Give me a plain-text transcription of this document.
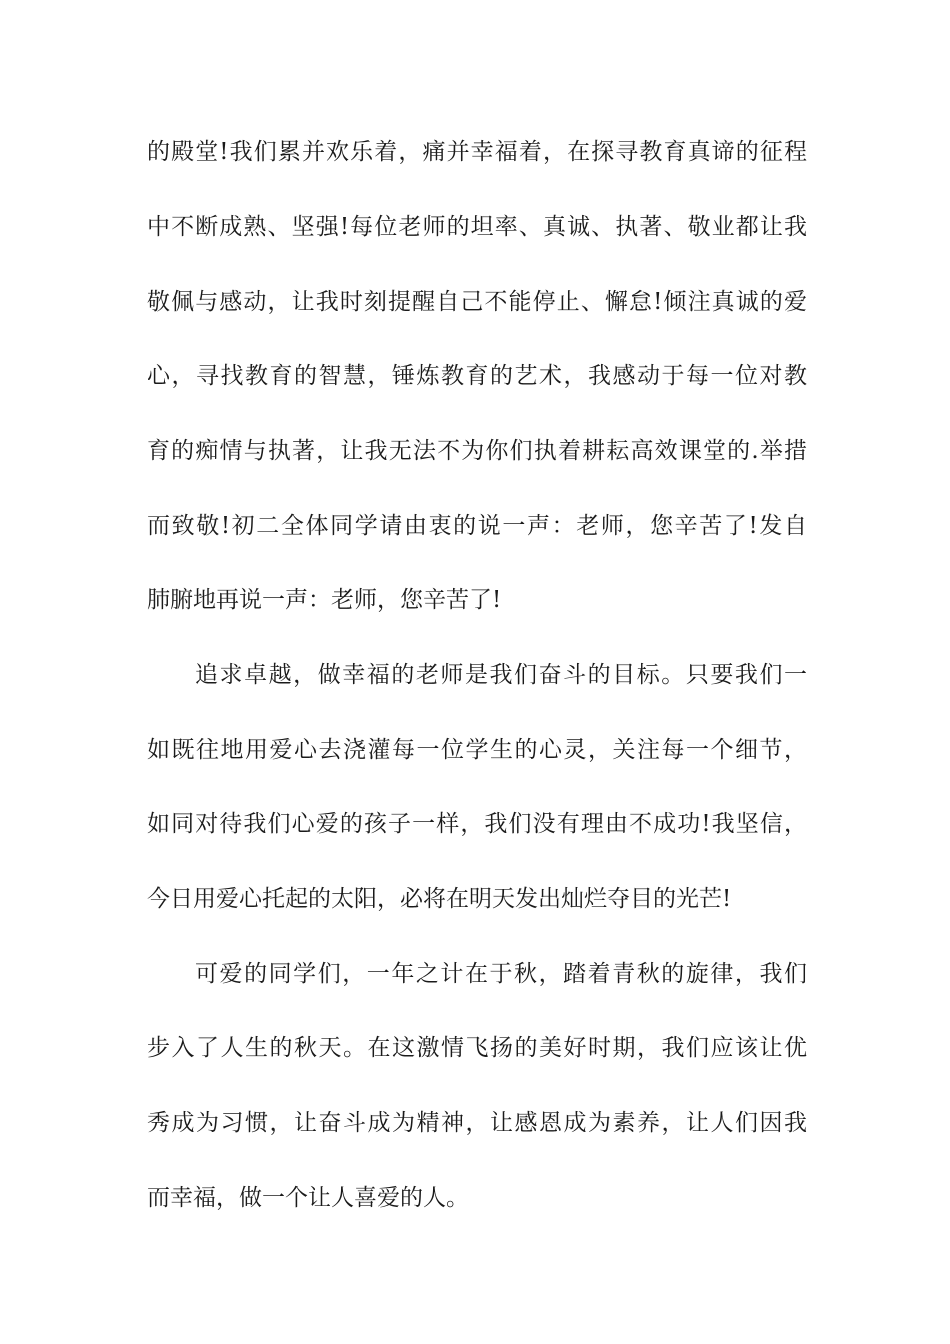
的殿堂!我们累并欢乐着，痛并幸福着，在探寻教育真谛的征程
中不断成熟、坚强!每位老师的坦率、真诚、执著、敬业都让我
敬佩与感动，让我时刻提醒自己不能停止、懈怠!倾注真诚的爱
心，寻找教育的智慧，锤炼教育的艺术，我感动于每一位对教
育的痴情与执著，让我无法不为你们执着耕耘高效课堂的.举措
而致敬!初二全体同学请由衷的说一声：老师，您辛苦了!发自
肺腑地再说一声：老师，您辛苦了!
追求卓越，做幸福的老师是我们奋斗的目标。只要我们一
如既往地用爱心去浇灌每一位学生的心灵，关注每一个细节，
如同对待我们心爱的孩子一样，我们没有理由不成功!我坚信，
今日用爱心托起的太阳，必将在明天发出灿烂夺目的光芒!
可爱的同学们，一年之计在于秋，踏着青秋的旋律，我们
步入了人生的秋天。在这激情飞扬的美好时期，我们应该让优
秀成为习惯，让奋斗成为精神，让感恩成为素养，让人们因我
而幸福，做一个让人喜爱的人。
